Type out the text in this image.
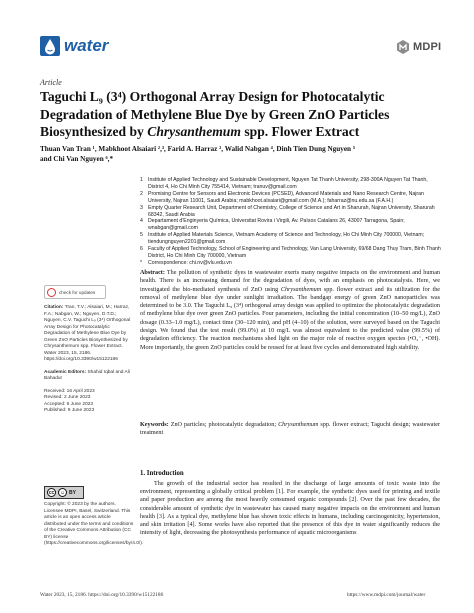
water	MDPI
Article
Taguchi L₉ (3⁴) Orthogonal Array Design for Photocatalytic Degradation of Methylene Blue Dye by Green ZnO Particles Biosynthesized by Chrysanthemum spp. Flower Extract
Thuan Van Tran ¹, Mabkhoot Alsaiari ²,³, Farid A. Harraz ², Walid Nabgan ⁴, Dinh Tien Dung Nguyen ⁵
and Chi Van Nguyen ⁶,*
1 Institute of Applied Technology and Sustainable Development, Nguyen Tat Thanh University, 298-300A Nguyen Tat Thanh, District 4, Ho Chi Minh City 755414, Vietnam; tranuv@gmail.com
2 Promising Centre for Sensors and Electronic Devices (PCSED), Advanced Materials and Nano Research Centre, Najran University, Najran 11001, Saudi Arabia; mabkhoot.alsaiari@gmail.com (M.A.); faharraz@nu.edu.sa (F.A.H.)
3 Empty Quarter Research Unit, Department of Chemistry, College of Science and Art in Sharurah, Najran University, Sharurah 68342, Saudi Arabia
4 Departament d'Enginyeria Química, Universitat Rovira i Virgili, Av. Països Catalans 26, 43007 Tarragona, Spain; wnabgan@gmail.com
5 Institute of Applied Materials Science, Vietnam Academy of Science and Technology, Ho Chi Minh City 700000, Vietnam; tiendungnguyen2201@gmail.com
6 Faculty of Applied Technology, School of Engineering and Technology, Van Lang University, 69/68 Dang Thuy Tram, Binh Thanh District, Ho Chi Minh City 700000, Vietnam
*	Correspondence: chi.nv@vlu.edu.vn
check for updates
Citation: Tran, T.V.; Alsaiari, M.; Harraz, F.A.; Nabgan, W.; Nguyen, D.T.D.; Nguyen, C.V. Taguchi L₉ (3⁴) Orthogonal Array Design for Photocatalytic Degradation of Methylene Blue Dye by Green ZnO Particles Biosynthesized by Chrysanthemum spp. Flower Extract. Water 2023, 15, 2186. https://doi.org/10.3390/w15122186
Academic Editors: Shahid Iqbal and Ali Bahadur
Received: 16 April 2023
Revised: 2 June 2023
Accepted: 6 June 2023
Published: 9 June 2023
cc	☺ BY
Copyright: © 2023 by the authors. Licensee MDPI, Basel, Switzerland. This article is an open access article distributed under the terms and conditions of the Creative Commons Attribution (CC BY) license (https://creativecommons.org/licenses/by/4.0/).
Abstract: The pollution of synthetic dyes in wastewater exerts many negative impacts on the environment and human health. There is an increasing demand for the degradation of dyes, with an emphasis on photocatalysis. Here, we investigated the bio-mediated synthesis of ZnO using Chrysanthemum spp. flower extract and its utilization for the removal of methylene blue dye under sunlight irradiation. The bandgap energy of green ZnO nanoparticles was determined to be 3.0. The Taguchi L₉ (3⁴) orthogonal array design was applied to optimize the photocatalytic degradation of methylene blue dye over green ZnO particles. Four parameters, including the initial concentration (10–50 mg/L), ZnO dosage (0.33–1.0 mg/L), contact time (30–120 min), and pH (4–10) of the solution, were surveyed based on the Taguchi design. We found that the test result (99.0%) at 10 mg/L was almost equivalent to the predicted value (99.5%) of degradation efficiency. The reaction mechanisms shed light on the major role of reactive oxygen species (•O₂⁻, •OH). More importantly, the green ZnO particles could be reused for at least five cycles and demonstrated high stability.
Keywords: ZnO particles; photocatalytic degradation; Chrysanthemum spp. flower extract; Taguchi design; wastewater treatment
1. Introduction
The growth of the industrial sector has resulted in the discharge of large amounts of toxic waste into the environment, representing a globally critical problem [1]. For example, the synthetic dyes used for printing and textile and paper production are among the most heavily consumed organic compounds [2]. Over the past few decades, the considerable amount of synthetic dye in wastewater has caused many negative impacts on the environment and human health [3]. As a typical dye, methylene blue has shown toxic effects in humans, including carcinogenicity, hypertension, and skin irritation [4]. Some works have also reported that the presence of this dye in water significantly reduces the intensity of light, decreasing the photosynthesis performance of aquatic microorganisms
Water 2023, 15, 2186. https://doi.org/10.3390/w15122186	https://www.mdpi.com/journal/water
